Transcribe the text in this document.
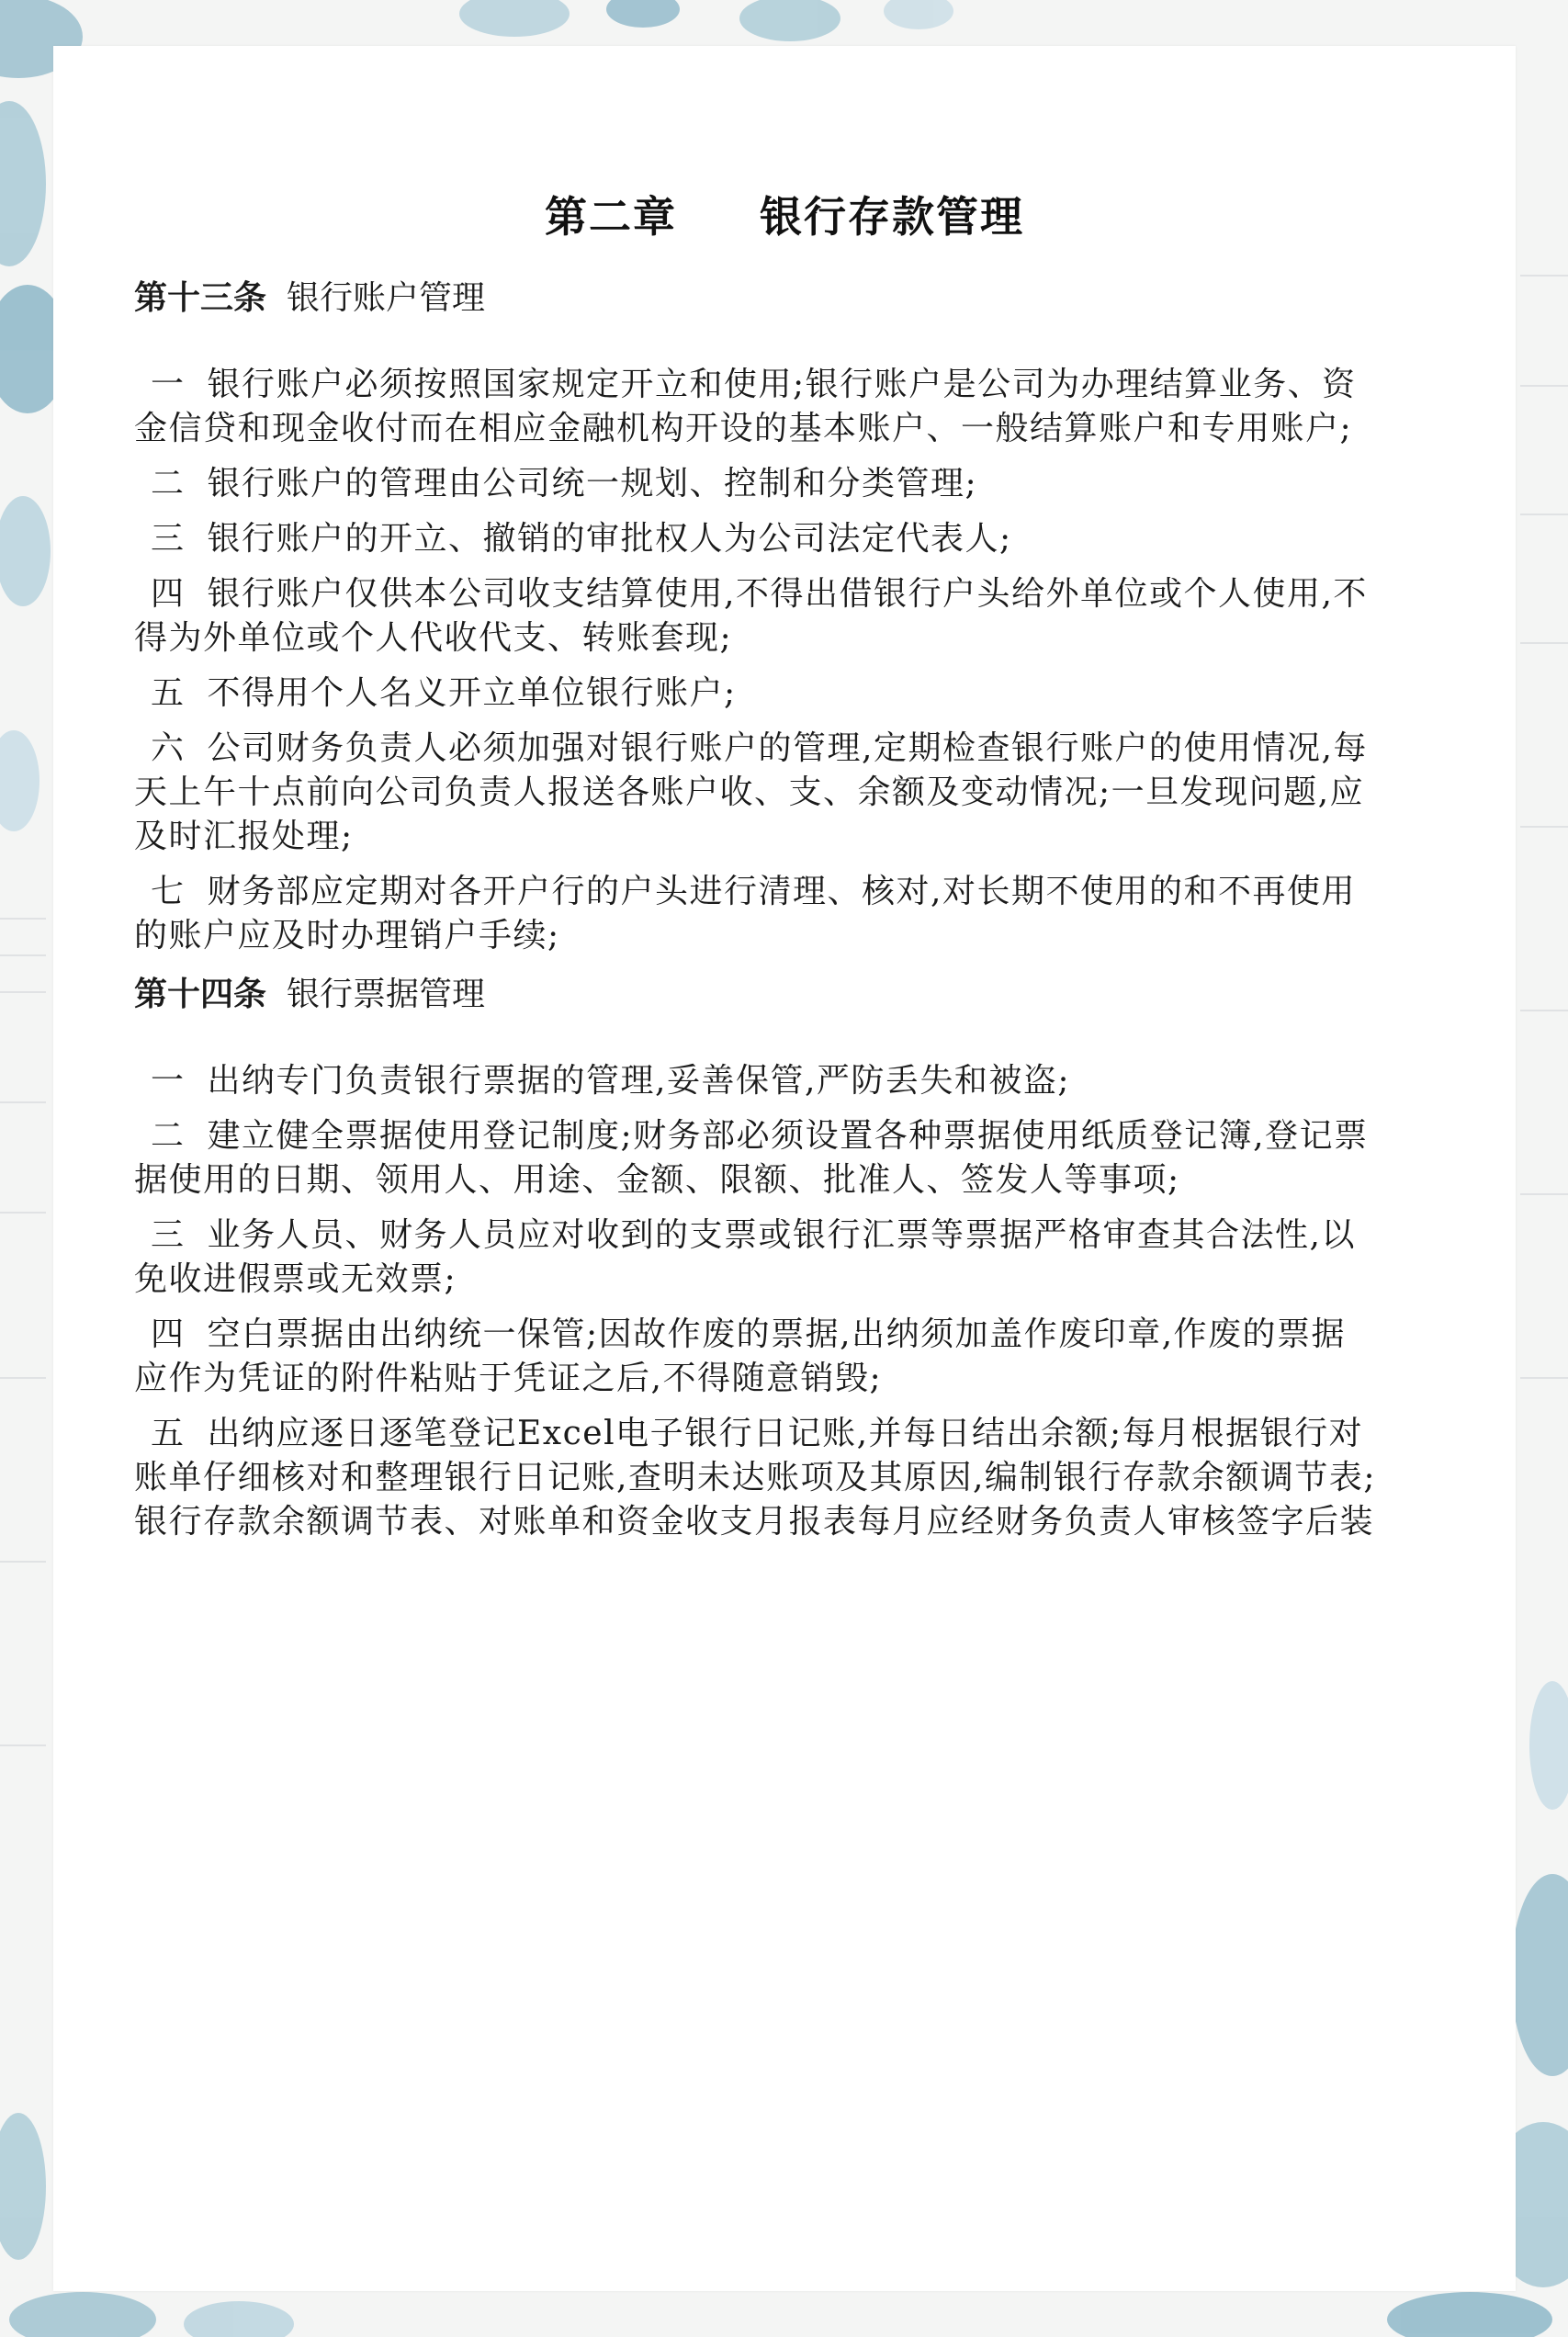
第二章     银行存款管理
第十三条 银行账户管理
一 银行账户必须按照国家规定开立和使用;银行账户是公司为办理结算业务、资
金信贷和现金收付而在相应金融机构开设的基本账户、一般结算账户和专用账户;
二 银行账户的管理由公司统一规划、控制和分类管理;
三 银行账户的开立、撤销的审批权人为公司法定代表人;
四 银行账户仅供本公司收支结算使用,不得出借银行户头给外单位或个人使用,不
得为外单位或个人代收代支、转账套现;
五 不得用个人名义开立单位银行账户;
六 公司财务负责人必须加强对银行账户的管理,定期检查银行账户的使用情况,每
天上午十点前向公司负责人报送各账户收、支、余额及变动情况;一旦发现问题,应
及时汇报处理;
七 财务部应定期对各开户行的户头进行清理、核对,对长期不使用的和不再使用
的账户应及时办理销户手续;
第十四条 银行票据管理
一 出纳专门负责银行票据的管理,妥善保管,严防丢失和被盗;
二 建立健全票据使用登记制度;财务部必须设置各种票据使用纸质登记簿,登记票
据使用的日期、领用人、用途、金额、限额、批准人、签发人等事项;
三 业务人员、财务人员应对收到的支票或银行汇票等票据严格审查其合法性,以
免收进假票或无效票;
四 空白票据由出纳统一保管;因故作废的票据,出纳须加盖作废印章,作废的票据
应作为凭证的附件粘贴于凭证之后,不得随意销毁;
五 出纳应逐日逐笔登记Excel电子银行日记账,并每日结出余额;每月根据银行对
账单仔细核对和整理银行日记账,查明未达账项及其原因,编制银行存款余额调节表;
银行存款余额调节表、对账单和资金收支月报表每月应经财务负责人审核签字后装
